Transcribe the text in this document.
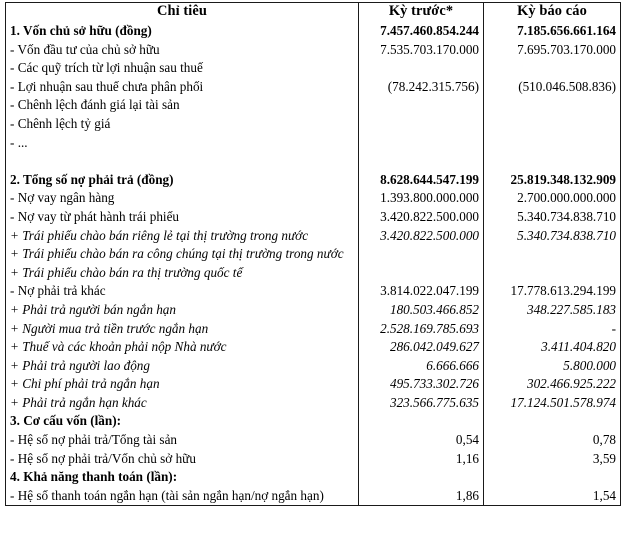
Chỉ tiêu	Kỳ trước*	Kỳ báo cáo

1. Vốn chủ sở hữu (đồng)	7.457.460.854.244	7.185.656.661.164

- Vốn đầu tư của chủ sở hữu	7.535.703.170.000	7.695.703.170.000

- Các quỹ trích từ lợi nhuận sau thuế		

- Lợi nhuận sau thuế chưa phân phối	(78.242.315.756)	(510.046.508.836)

- Chênh lệch đánh giá lại tài sản		

- Chênh lệch tỷ giá		

- ...		

2. Tổng số nợ phải trả (đồng)	8.628.644.547.199	25.819.348.132.909

- Nợ vay ngân hàng	1.393.800.000.000	2.700.000.000.000

- Nợ vay từ phát hành trái phiếu	3.420.822.500.000	5.340.734.838.710

+ Trái phiếu chào bán riêng lẻ tại thị trường trong nước	3.420.822.500.000	5.340.734.838.710

+ Trái phiếu chào bán ra công chúng tại thị trường trong nước		

+ Trái phiếu chào bán ra thị trường quốc tế		

- Nợ phải trả khác	3.814.022.047.199	17.778.613.294.199

+ Phải trả người bán ngắn hạn	180.503.466.852	348.227.585.183

+ Người mua trả tiền trước ngắn hạn	2.528.169.785.693	-

+ Thuế và các khoản phải nộp Nhà nước	286.042.049.627	3.411.404.820

+ Phải trả người lao động	6.666.666	5.800.000

+ Chi phí phải trả ngắn hạn	495.733.302.726	302.466.925.222

+ Phải trả ngắn hạn khác	323.566.775.635	17.124.501.578.974

3. Cơ cấu vốn (lần):		

- Hệ số nợ phải trả/Tổng tài sản	0,54	0,78

- Hệ số nợ phải trả/Vốn chủ sở hữu	1,16	3,59

4. Khả năng thanh toán (lần):		

- Hệ số thanh toán ngắn hạn (tài sản ngắn hạn/nợ ngắn hạn)	1,86	1,54
